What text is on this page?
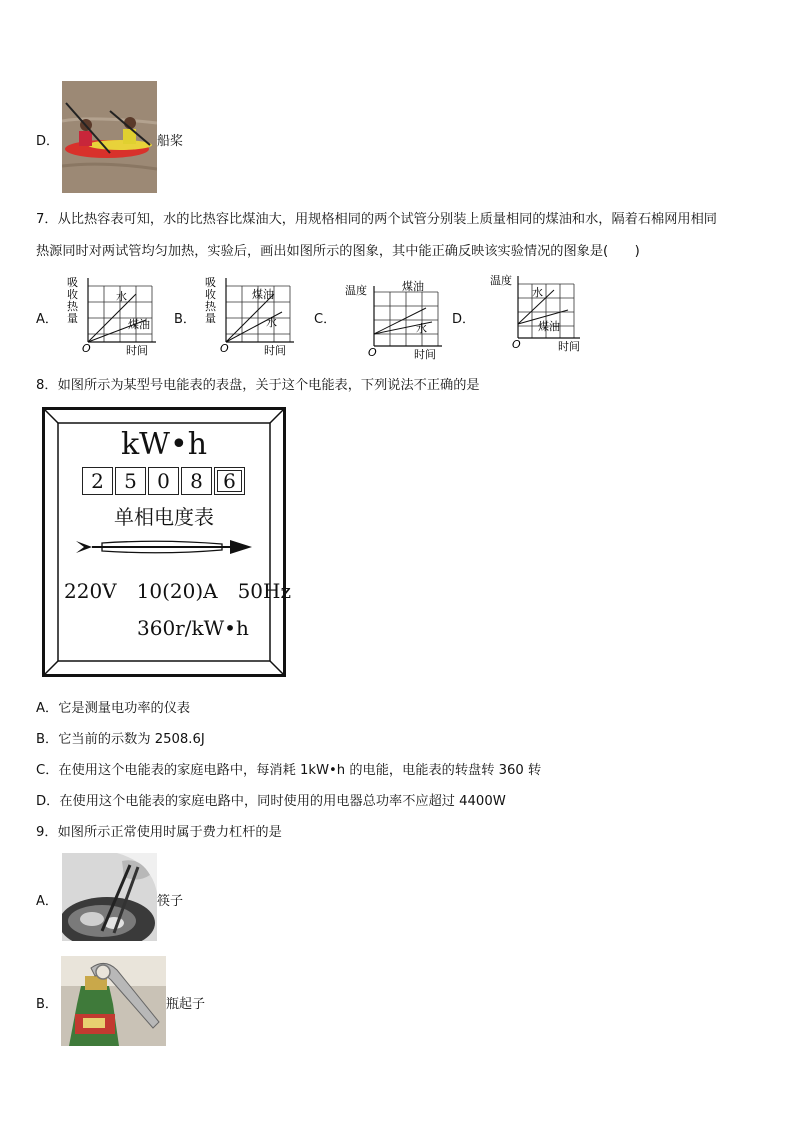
D．	船桨
7．从比热容表可知，水的比热容比煤油大，用规格相同的两个试管分别装上质量相同的煤油和水，隔着石棉网用相同
热源同时对两试管均匀加热，实验后，画出如图所示的图象，其中能正确反映该实验情况的图象是(　　)
A．
吸
收
热
量
水
煤油
O	时间
B．
吸
收
热
量
煤油
水
O	时间
C．
温度	煤油
水
O	时间
D．
温度
水
煤油
O	时间
8．如图所示为某型号电能表的表盘，关于这个电能表，下列说法不正确的是
kW•h
2	5	0	8	6
单相电度表
220V　10(20)A　50Hz
360r/kW•h
A．它是测量电功率的仪表
B．它当前的示数为 2508.6J
C．在使用这个电能表的家庭电路中，每消耗 1kW•h 的电能，电能表的转盘转 360 转
D．在使用这个电能表的家庭电路中，同时使用的用电器总功率不应超过 4400W
9．如图所示正常使用时属于费力杠杆的是
A．	筷子
B．	瓶起子
